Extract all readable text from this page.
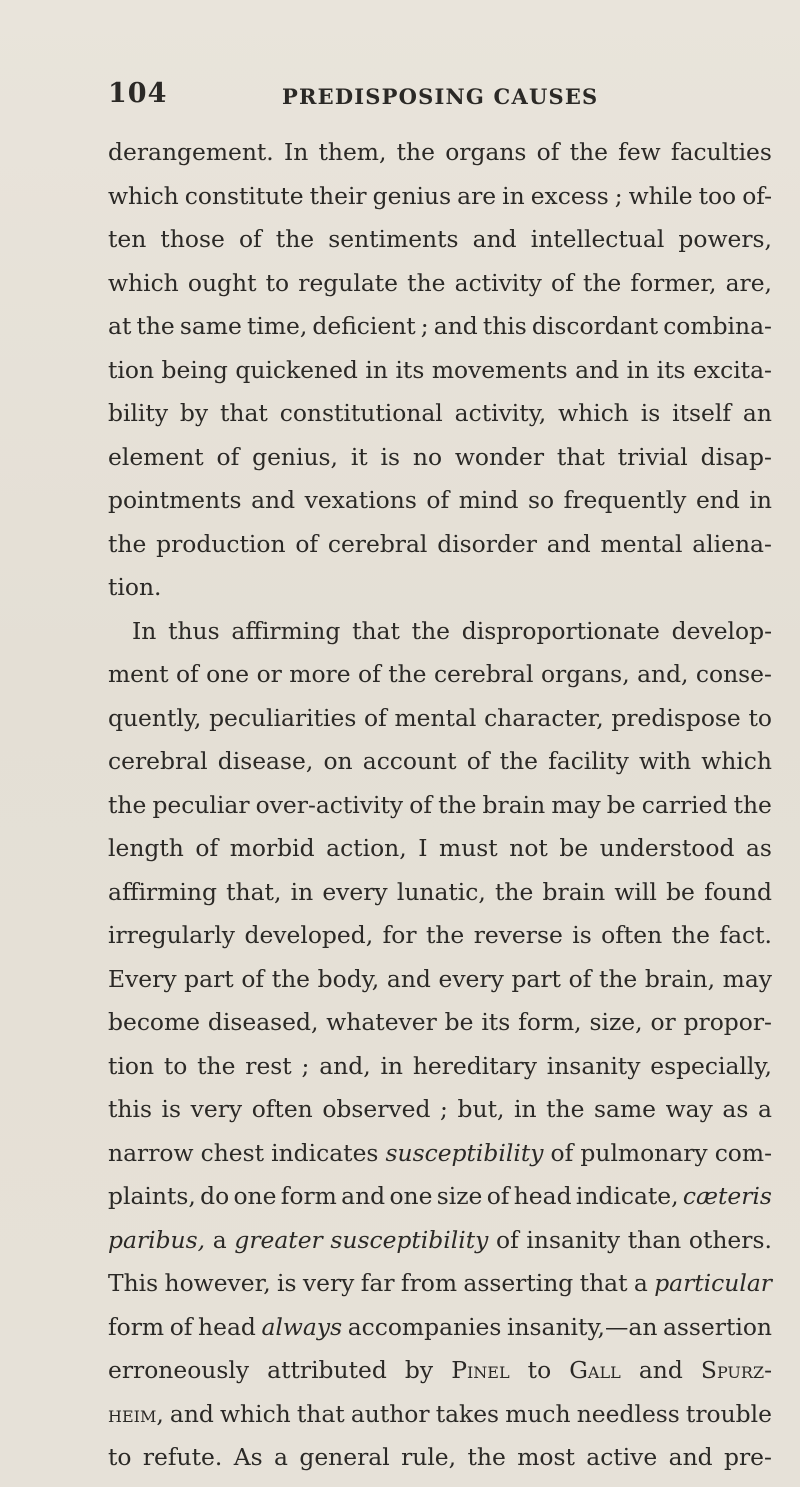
104	PREDISPOSING CAUSES
derangement. In them, the organs of the few faculties
which constitute their genius are in excess ; while too of-
ten those of the sentiments and intellectual powers,
which ought to regulate the activity of the former, are,
at the same time, deficient ; and this discordant combina-
tion being quickened in its movements and in its excita-
bility by that constitutional activity, which is itself an
element of genius, it is no wonder that trivial disap-
pointments and vexations of mind so frequently end in
the production of cerebral disorder and mental aliena-
tion.
In thus affirming that the disproportionate develop-
ment of one or more of the cerebral organs, and, conse-
quently, peculiarities of mental character, predispose to
cerebral disease, on account of the facility with which
the peculiar over-activity of the brain may be carried the
length of morbid action, I must not be understood as
affirming that, in every lunatic, the brain will be found
irregularly developed, for the reverse is often the fact.
Every part of the body, and every part of the brain, may
become diseased, whatever be its form, size, or propor-
tion to the rest ; and, in hereditary insanity especially,
this is very often observed ; but, in the same way as a
narrow chest indicates susceptibility of pulmonary com-
plaints, do one form and one size of head indicate, cæteris
paribus, a greater susceptibility of insanity than others.
This however, is very far from asserting that a particular
form of head always accompanies insanity,—an assertion
erroneously attributed by Pinel to Gall and Spurz-
heim, and which that author takes much needless trouble
to refute. As a general rule, the most active and pre-
